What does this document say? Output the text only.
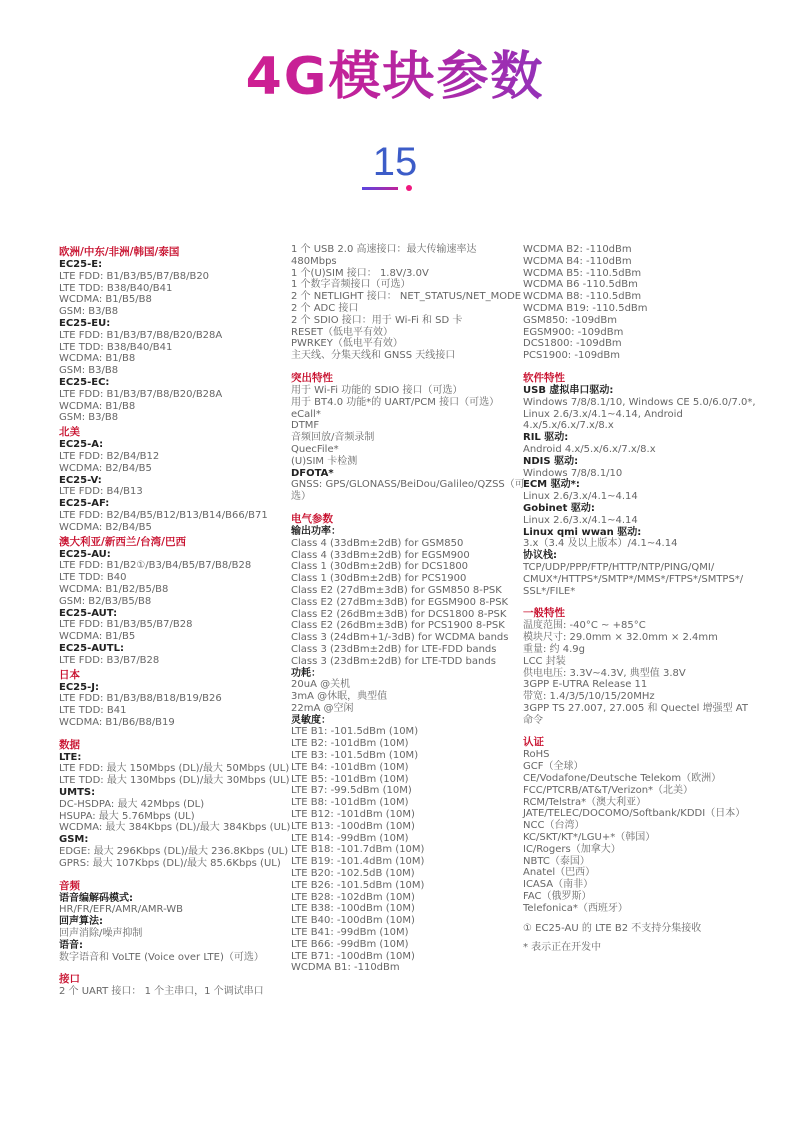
4G模块参数
15
欧洲/中东/非洲/韩国/泰国
EC25-E:
LTE FDD: B1/B3/B5/B7/B8/B20
LTE TDD: B38/B40/B41
WCDMA: B1/B5/B8
GSM: B3/B8
EC25-EU:
LTE FDD: B1/B3/B7/B8/B20/B28A
LTE TDD: B38/B40/B41
WCDMA: B1/B8
GSM: B3/B8
EC25-EC:
LTE FDD: B1/B3/B7/B8/B20/B28A
WCDMA: B1/B8
GSM: B3/B8
北美
EC25-A:
LTE FDD: B2/B4/B12
WCDMA: B2/B4/B5
EC25-V:
LTE FDD: B4/B13
EC25-AF:
LTE FDD: B2/B4/B5/B12/B13/B14/B66/B71
WCDMA: B2/B4/B5
澳大利亚/新西兰/台湾/巴西
EC25-AU:
LTE FDD: B1/B2①/B3/B4/B5/B7/B8/B28
LTE TDD: B40
WCDMA: B1/B2/B5/B8
GSM: B2/B3/B5/B8
EC25-AUT:
LTE FDD: B1/B3/B5/B7/B28
WCDMA: B1/B5
EC25-AUTL:
LTE FDD: B3/B7/B28
日本
EC25-J:
LTE FDD: B1/B3/B8/B18/B19/B26
LTE TDD: B41
WCDMA: B1/B6/B8/B19
数据
LTE:
LTE FDD: 最大 150Mbps (DL)/最大 50Mbps (UL)
LTE TDD: 最大 130Mbps (DL)/最大 30Mbps (UL)
UMTS:
DC-HSDPA: 最大 42Mbps (DL)
HSUPA: 最大 5.76Mbps (UL)
WCDMA: 最大 384Kbps (DL)/最大 384Kbps (UL)
GSM:
EDGE: 最大 296Kbps (DL)/最大 236.8Kbps (UL)
GPRS: 最大 107Kbps (DL)/最大 85.6Kbps (UL)
音频
语音编解码模式:
HR/FR/EFR/AMR/AMR-WB
回声算法:
回声消除/噪声抑制
语音:
数字语音和 VoLTE (Voice over LTE)（可选）
接口
2 个 UART 接口： 1 个主串口，1 个调试串口
1 个 USB 2.0 高速接口：最大传输速率达
480Mbps
1 个(U)SIM 接口： 1.8V/3.0V
1 个数字音频接口（可选）
2 个 NETLIGHT 接口： NET_STATUS/NET_MODE
2 个 ADC 接口
2 个 SDIO 接口：用于 Wi-Fi 和 SD 卡
RESET（低电平有效）
PWRKEY（低电平有效）
主天线、分集天线和 GNSS 天线接口
突出特性
用于 Wi-Fi 功能的 SDIO 接口（可选）
用于 BT4.0 功能*的 UART/PCM 接口（可选）
eCall*
DTMF
音频回放/音频录制
QuecFile*
(U)SIM 卡检测
DFOTA*
GNSS: GPS/GLONASS/BeiDou/Galileo/QZSS（可
选）
电气参数
输出功率：
Class 4 (33dBm±2dB) for GSM850
Class 4 (33dBm±2dB) for EGSM900
Class 1 (30dBm±2dB) for DCS1800
Class 1 (30dBm±2dB) for PCS1900
Class E2 (27dBm±3dB) for GSM850 8-PSK
Class E2 (27dBm±3dB) for EGSM900 8-PSK
Class E2 (26dBm±3dB) for DCS1800 8-PSK
Class E2 (26dBm±3dB) for PCS1900 8-PSK
Class 3 (24dBm+1/-3dB) for WCDMA bands
Class 3 (23dBm±2dB) for LTE-FDD bands
Class 3 (23dBm±2dB) for LTE-TDD bands
功耗：
20uA @关机
3mA @休眠，典型值
22mA @空闲
灵敏度：
LTE B1: -101.5dBm (10M)
LTE B2: -101dBm (10M)
LTE B3: -101.5dBm (10M)
LTE B4: -101dBm (10M)
LTE B5: -101dBm (10M)
LTE B7: -99.5dBm (10M)
LTE B8: -101dBm (10M)
LTE B12: -101dBm (10M)
LTE B13: -100dBm (10M)
LTE B14: -99dBm (10M)
LTE B18: -101.7dBm (10M)
LTE B19: -101.4dBm (10M)
LTE B20: -102.5dB (10M)
LTE B26: -101.5dBm (10M)
LTE B28: -102dBm (10M)
LTE B38: -100dBm (10M)
LTE B40: -100dBm (10M)
LTE B41: -99dBm (10M)
LTE B66: -99dBm (10M)
LTE B71: -100dBm (10M)
WCDMA B1: -110dBm
WCDMA B2: -110dBm
WCDMA B4: -110dBm
WCDMA B5: -110.5dBm
WCDMA B6 -110.5dBm
WCDMA B8: -110.5dBm
WCDMA B19: -110.5dBm
GSM850: -109dBm
EGSM900: -109dBm
DCS1800: -109dBm
PCS1900: -109dBm
软件特性
USB 虚拟串口驱动:
Windows 7/8/8.1/10, Windows CE 5.0/6.0/7.0*,
Linux 2.6/3.x/4.1~4.14, Android
4.x/5.x/6.x/7.x/8.x
RIL 驱动:
Android 4.x/5.x/6.x/7.x/8.x
NDIS 驱动:
Windows 7/8/8.1/10
ECM 驱动*:
Linux 2.6/3.x/4.1~4.14
Gobinet 驱动:
Linux 2.6/3.x/4.1~4.14
Linux qmi wwan 驱动:
3.x（3.4 及以上版本）/4.1~4.14
协议栈:
TCP/UDP/PPP/FTP/HTTP/NTP/PING/QMI/
CMUX*/HTTPS*/SMTP*/MMS*/FTPS*/SMTPS*/
SSL*/FILE*
一般特性
温度范围: -40°C ~ +85°C
模块尺寸: 29.0mm × 32.0mm × 2.4mm
重量: 约 4.9g
LCC 封装
供电电压: 3.3V~4.3V, 典型值 3.8V
3GPP E-UTRA Release 11
带宽: 1.4/3/5/10/15/20MHz
3GPP TS 27.007, 27.005 和 Quectel 增强型 AT
命令
认证
RoHS
GCF（全球）
CE/Vodafone/Deutsche Telekom（欧洲）
FCC/PTCRB/AT&T/Verizon*（北美）
RCM/Telstra*（澳大利亚）
JATE/TELEC/DOCOMO/Softbank/KDDI（日本）
NCC（台湾）
KC/SKT/KT*/LGU+*（韩国）
IC/Rogers（加拿大）
NBTC（泰国）
Anatel（巴西）
ICASA（南非）
FAC（俄罗斯）
Telefonica*（西班牙）
① EC25-AU 的 LTE B2 不支持分集接收
* 表示正在开发中
